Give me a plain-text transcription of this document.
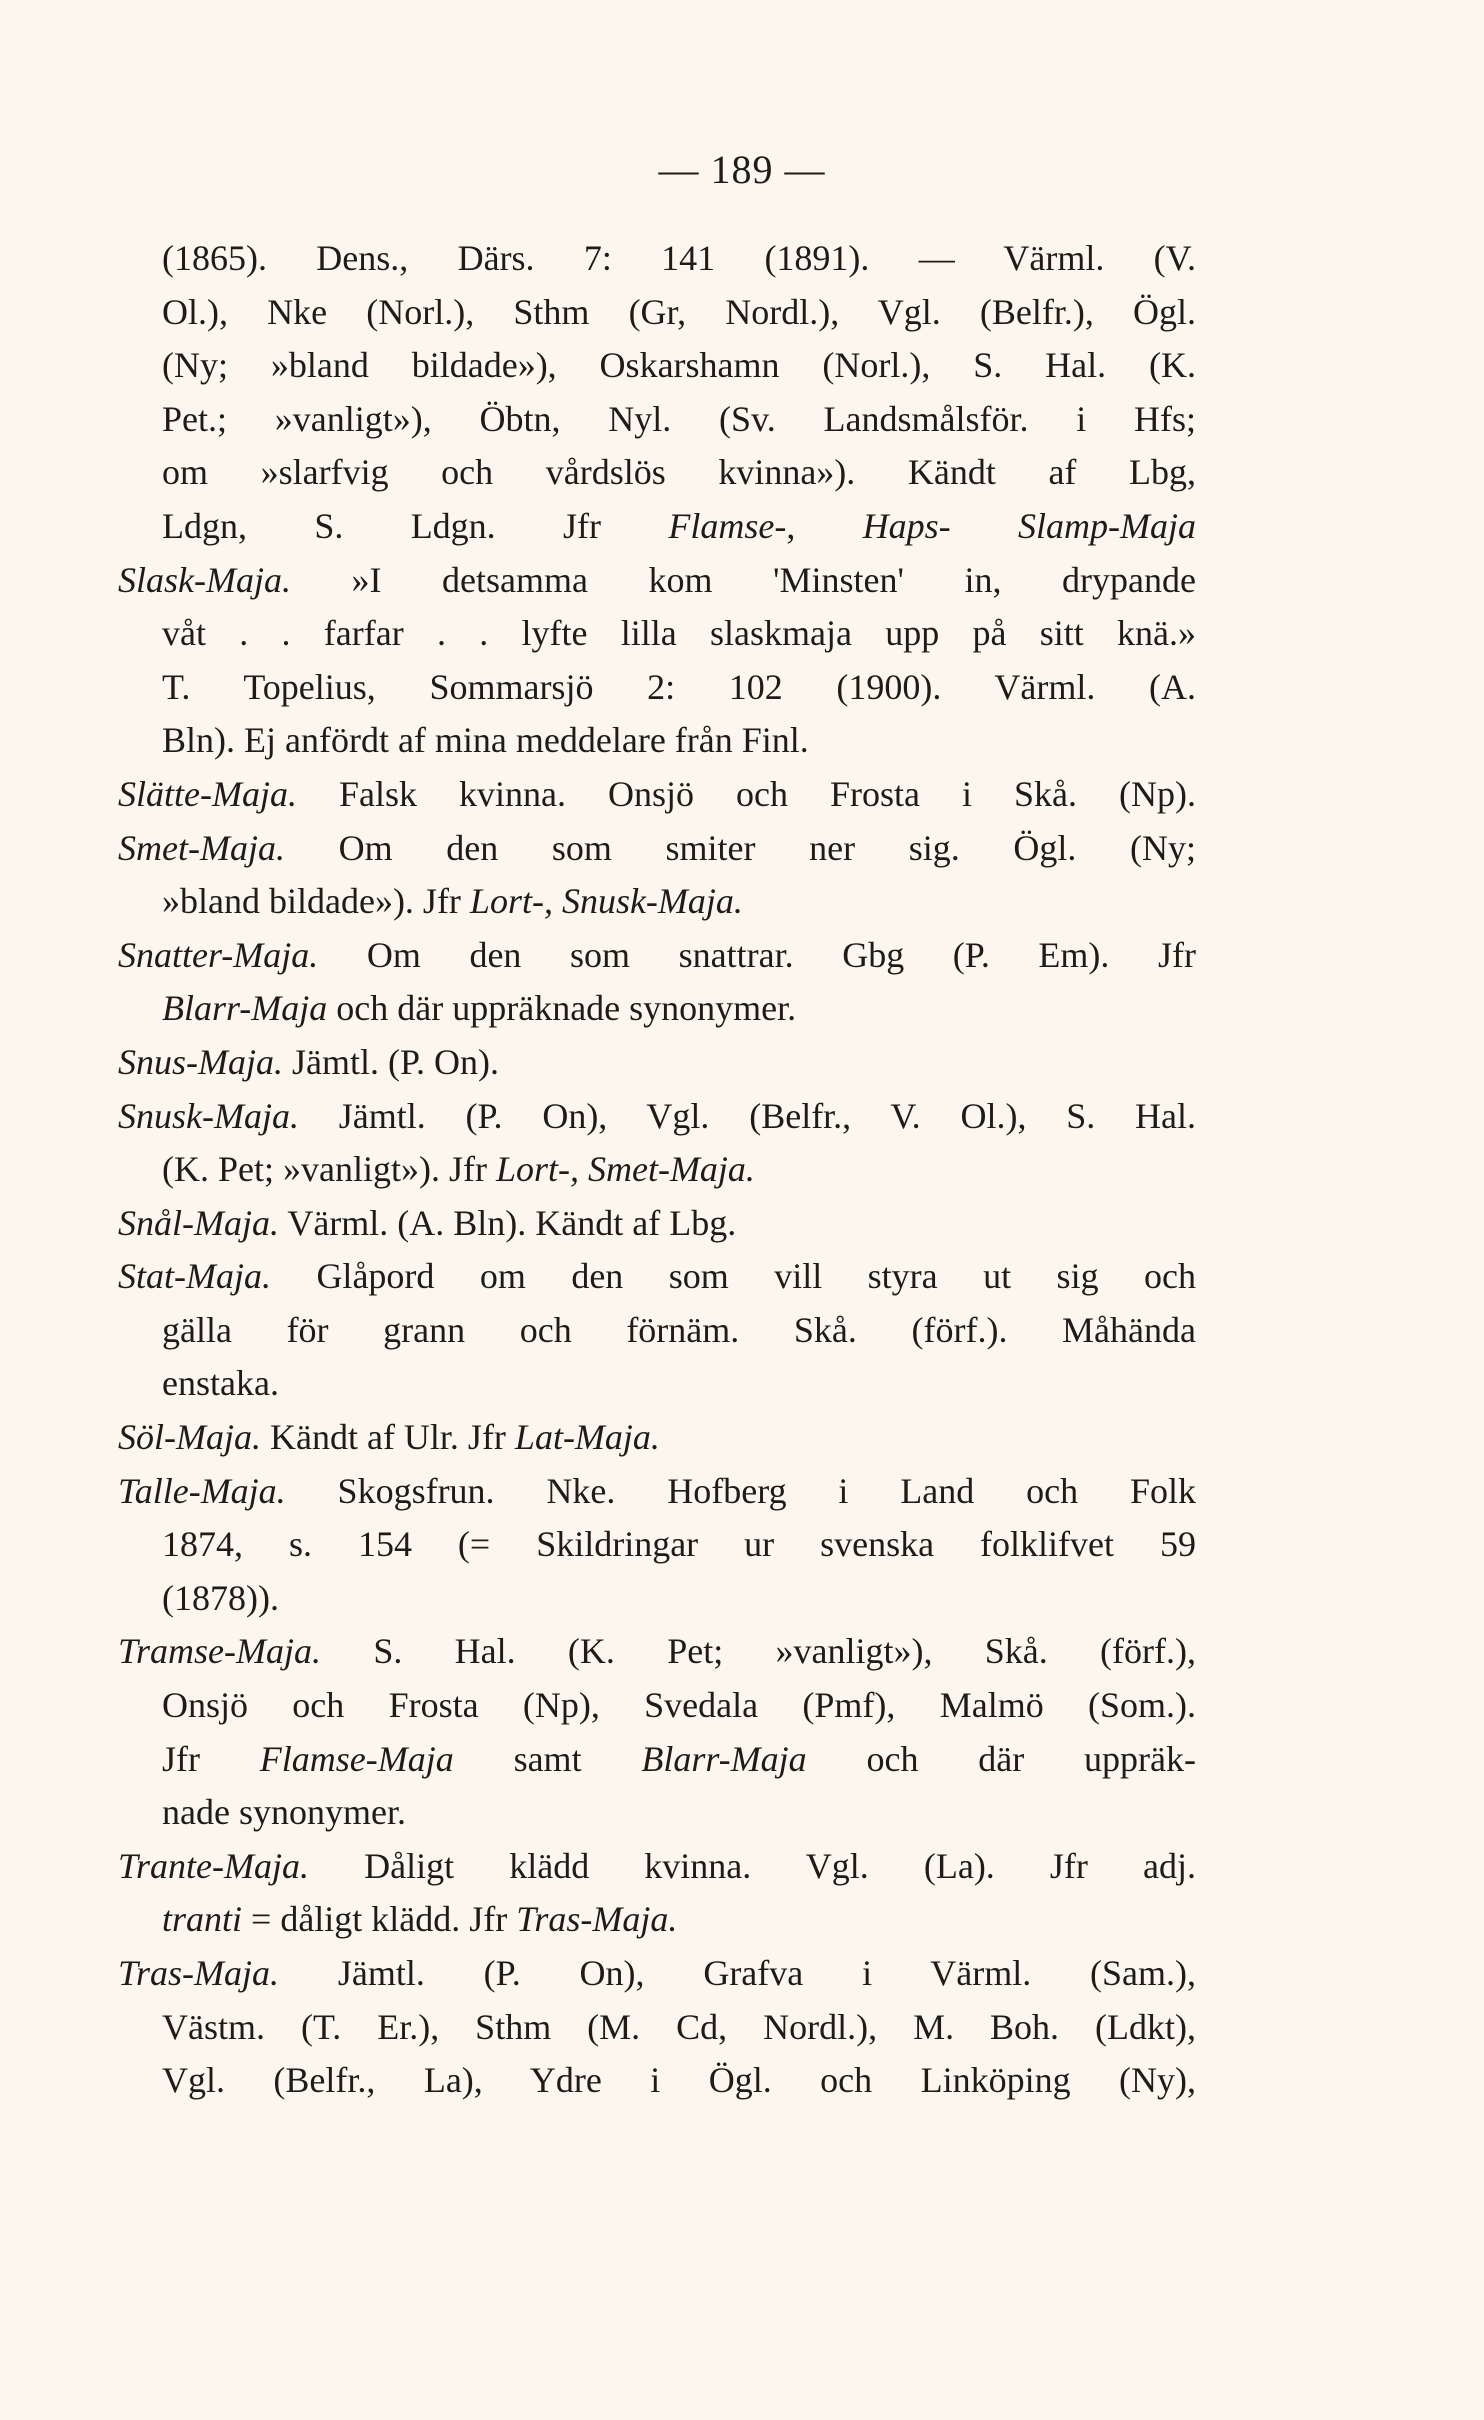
— 189 —
(1865). Dens., Därs. 7: 141 (1891). — Värml. (V.
Ol.), Nke (Norl.), Sthm (Gr, Nordl.), Vgl. (Belfr.), Ögl.
(Ny; »bland bildade»), Oskarshamn (Norl.), S. Hal. (K.
Pet.; »vanligt»), Öbtn, Nyl. (Sv. Landsmålsför. i Hfs;
om »slarfvig och vårdslös kvinna»). Kändt af Lbg,
Ldgn, S. Ldgn. Jfr Flamse-, Haps- Slamp-Maja
Slask-Maja. »I detsamma kom 'Minsten' in, drypande
våt . . farfar . . lyfte lilla slaskmaja upp på sitt knä.»
T. Topelius, Sommarsjö 2: 102 (1900). Värml. (A.
Bln). Ej anfördt af mina meddelare från Finl.
Slätte-Maja. Falsk kvinna. Onsjö och Frosta i Skå. (Np).
Smet-Maja. Om den som smiter ner sig. Ögl. (Ny;
»bland bildade»). Jfr Lort-, Snusk-Maja.
Snatter-Maja. Om den som snattrar. Gbg (P. Em). Jfr
Blarr-Maja och där uppräknade synonymer.
Snus-Maja. Jämtl. (P. On).
Snusk-Maja. Jämtl. (P. On), Vgl. (Belfr., V. Ol.), S. Hal.
(K. Pet; »vanligt»). Jfr Lort-, Smet-Maja.
Snål-Maja. Värml. (A. Bln). Kändt af Lbg.
Stat-Maja. Glåpord om den som vill styra ut sig och
gälla för grann och förnäm. Skå. (förf.). Måhända
enstaka.
Söl-Maja. Kändt af Ulr. Jfr Lat-Maja.
Talle-Maja. Skogsfrun. Nke. Hofberg i Land och Folk
1874, s. 154 (= Skildringar ur svenska folklifvet 59
(1878)).
Tramse-Maja. S. Hal. (K. Pet; »vanligt»), Skå. (förf.),
Onsjö och Frosta (Np), Svedala (Pmf), Malmö (Som.).
Jfr Flamse-Maja samt Blarr-Maja och där uppräk-
nade synonymer.
Trante-Maja. Dåligt klädd kvinna. Vgl. (La). Jfr adj.
tranti = dåligt klädd. Jfr Tras-Maja.
Tras-Maja. Jämtl. (P. On), Grafva i Värml. (Sam.),
Västm. (T. Er.), Sthm (M. Cd, Nordl.), M. Boh. (Ldkt),
Vgl. (Belfr., La), Ydre i Ögl. och Linköping (Ny),
